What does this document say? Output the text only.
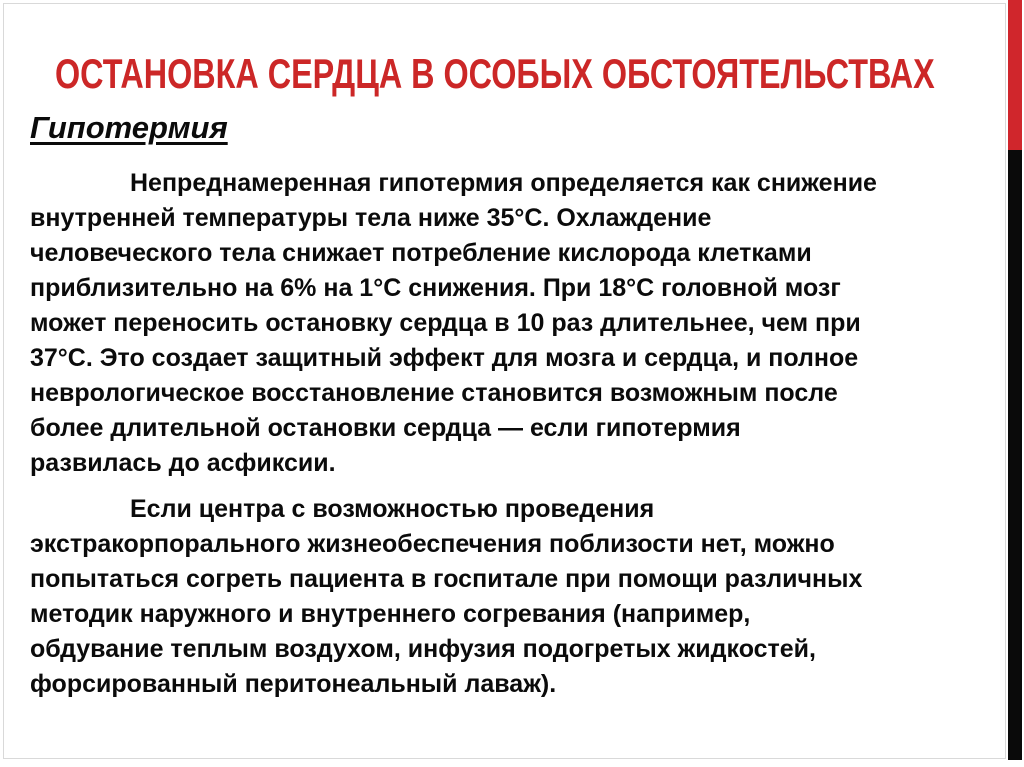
ОСТАНОВКА СЕРДЦА В ОСОБЫХ ОБСТОЯТЕЛЬСТВАХ
Гипотермия
Непреднамеренная гипотермия определяется как снижение
внутренней температуры тела ниже 35°С. Охлаждение
человеческого тела снижает потребление кислорода клетками
приблизительно на 6% на 1°С снижения. При 18°С головной мозг
может переносить остановку сердца в 10 раз длительнее, чем при
37°С. Это создает защитный эффект для мозга и сердца, и полное
неврологическое восстановление становится возможным после
более длительной остановки сердца — если гипотермия
развилась до асфиксии.
Если центра с возможностью проведения
экстракорпорального жизнеобеспечения поблизости нет, можно
попытаться согреть пациента в госпитале при помощи различных
методик наружного и внутреннего согревания (например,
обдувание теплым воздухом, инфузия подогретых жидкостей,
форсированный перитонеальный лаваж).
